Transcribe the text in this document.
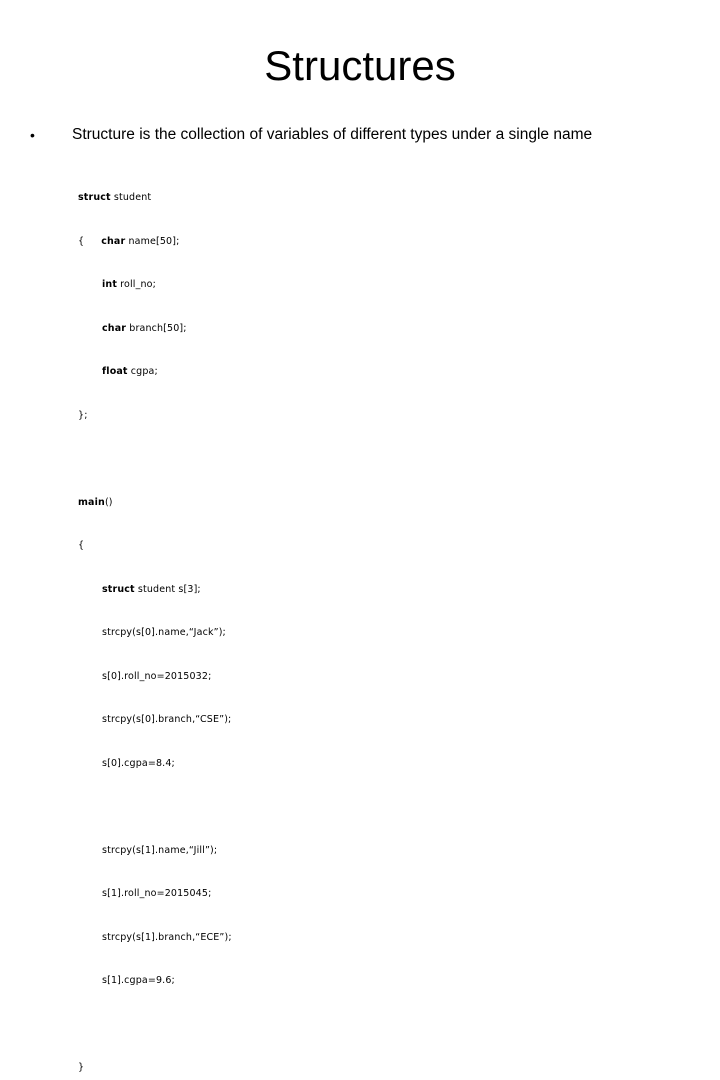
Structures
• Structure is the collection of variables of different types under a single name

struct student

{ char name[50];

int roll_no;

char branch[50];

float cgpa;

};

main()

{

struct student s[3];

strcpy(s[0].name,“Jack”);

s[0].roll_no=2015032;

strcpy(s[0].branch,“CSE”);

s[0].cgpa=8.4;

strcpy(s[1].name,“Jill”);

s[1].roll_no=2015045;

strcpy(s[1].branch,“ECE”);

s[1].cgpa=9.6;

}
